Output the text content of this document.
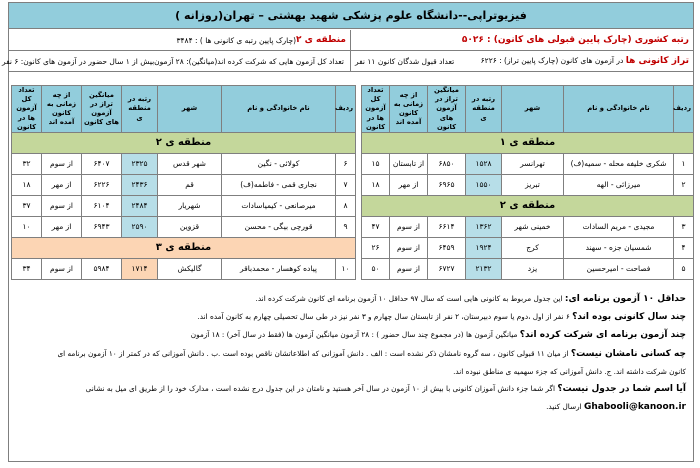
فیزیوتراپی--دانشگاه علوم پزشکی شهید بهشتی – تهران(روزانه )
منطقه ی ۲
(چارک پایین رتبه ی کانونی ها ) : ۳۴۸۴	رتبه کشوری (چارک پایین قبولی های کانون) : ۵۰۲۶
تعداد کل آزمون هایی که شرکت کرده اند(میانگین): ۲۸ آزمون
بیش از ۱ سال حضور در آزمون های کانون: ۶ نفر	تراز کانونی ها در آزمون های کانون (چارک پایین تراز) : ۶۲۲۶
تعداد قبول شدگان کانون ۱۱ نفر
ردیف	نام خانوادگی و نام	شهر	رتبه در منطقه ی	میانگین تراز در آزمون های کانون	از چه زمانی به کانون آمده اند	تعداد کل آزمون ها در کانون
منطقه ی ۱						
۱	شکری خلیفه محله - سمیه(ف)	تهرانسر	۱۵۲۸	۶۸۵۰	از تابستان	۱۵
۲	میرزائی - الهه	تبریز	۱۵۵۰	۶۹۶۵	از مهر	۱۸
منطقه ی ۲						
۳	مجیدی - مریم السادات	خمینی شهر	۱۳۶۲	۶۶۱۴	از سوم	۴۷
۴	شمسیان جزه - سهند	کرج	۱۹۲۴	۶۴۵۹	از سوم	۲۶
۵	فصاحت - امیرحسین	یزد	۲۱۳۲	۶۷۲۷	از سوم	۵۰
ردیف	نام خانوادگی و نام	شهر	رتبه در منطقه ی	میانگین تراز در آزمون های کانون	از چه زمانی به کانون آمده اند	تعداد کل آزمون ها در کانون
منطقه ی ۲						
۶	کولائی - نگین	شهر قدس	۲۳۲۵	۶۴۰۷	از سوم	۳۲
۷	نجاری قمی - فاطمه(ف)	قم	۲۴۳۶	۶۲۲۶	از مهر	۱۸
۸	میرصانعی - کیمیاسادات	شهریار	۲۴۸۴	۶۱۰۴	از سوم	۳۷
۹	قورچی بیگی - محسن	قزوین	۲۵۹۰	۶۹۴۳	از مهر	۱۰
منطقه ی ۳						
۱۰	پیاده کوهسار - محمدباقر	گالیکش	۱۷۱۴	۵۹۸۴	از سوم	۳۴
حداقل ۱۰ آزمون برنامه ای: این جدول مربوط به کانونی هایی است که سال ۹۷ حداقل ۱۰ آزمون برنامه ای کانون شرکت کرده اند.
چند سال کانونی بوده اند؟ ۶ نفر از اول ،دوم یا سوم دبیرستان، ۲ نفر از تابستان سال چهارم و ۳ نفر نیز در طی سال تحصیلی چهارم به کانون آمده اند.
چند آزمون برنامه ای شرکت کرده اند؟ میانگین آزمون ها (در مجموع چند سال حضور ) : ۲۸ آزمون میانگین آزمون ها (فقط در سال آخر) : ۱۸ آزمون
چه کسانی نامشان نیست؟ از میان ۱۱ قبولی کانون ، سه گروه نامشان ذکر نشده است : الف . دانش آموزانی که اطلاعاتشان ناقص بوده است .ب . دانش آموزانی که در کمتر از ۱۰ آزمون برنامه ای
کانون شرکت داشته اند. ج. دانش آموزانی که جزء سهمیه ی مناطق نبوده اند.
آیا اسم شما در جدول نیست؟ اگر شما جزء دانش آموزان کانونی با بیش از ۱۰ آزمون در سال آخر هستید و نامتان در این جدول درج نشده است ، مدارک خود را از طریق ای میل به نشانی
Ghabooli@kanoon.ir ارسال کنید.
